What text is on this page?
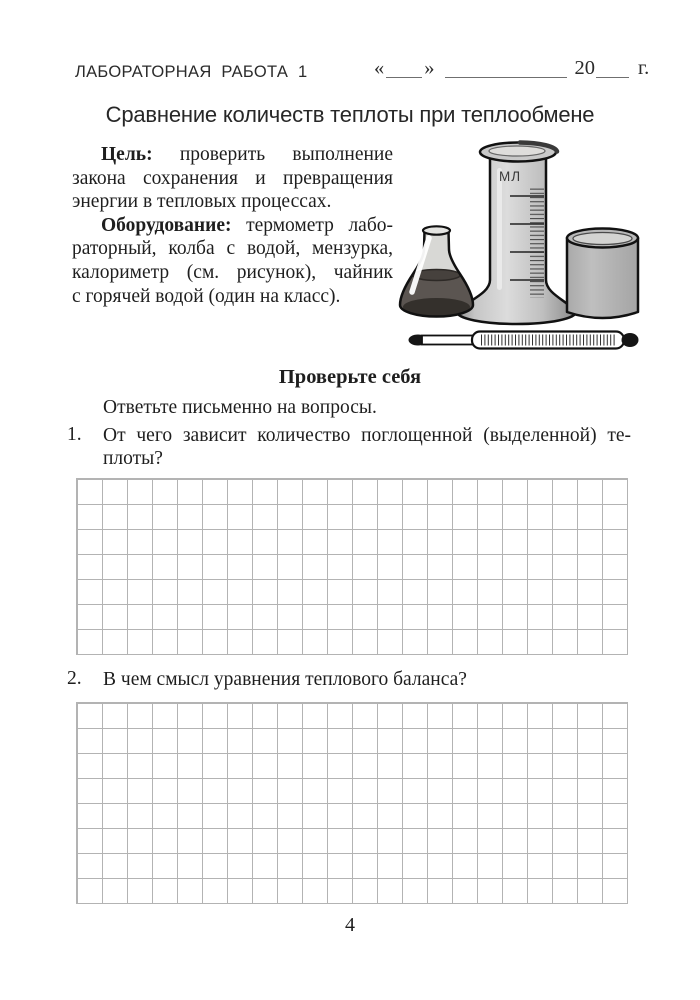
ЛАБОРАТОРНАЯ РАБОТА 1	« »	20 г.
Сравнение количеств теплоты при теплообмене
Цель: проверить выполнение
закона сохранения и превращения
энергии в тепловых процессах.
Оборудование: термометр лабо-
раторный, колба с водой, мензурка,
калориметр (см. рисунок), чайник
с горячей водой (один на класс).
МЛ
Проверьте себя
Ответьте письменно на вопросы.
1.	От чего зависит количество поглощенной (выделенной) те-
плоты?
2.	В чем смысл уравнения теплового баланса?
4
